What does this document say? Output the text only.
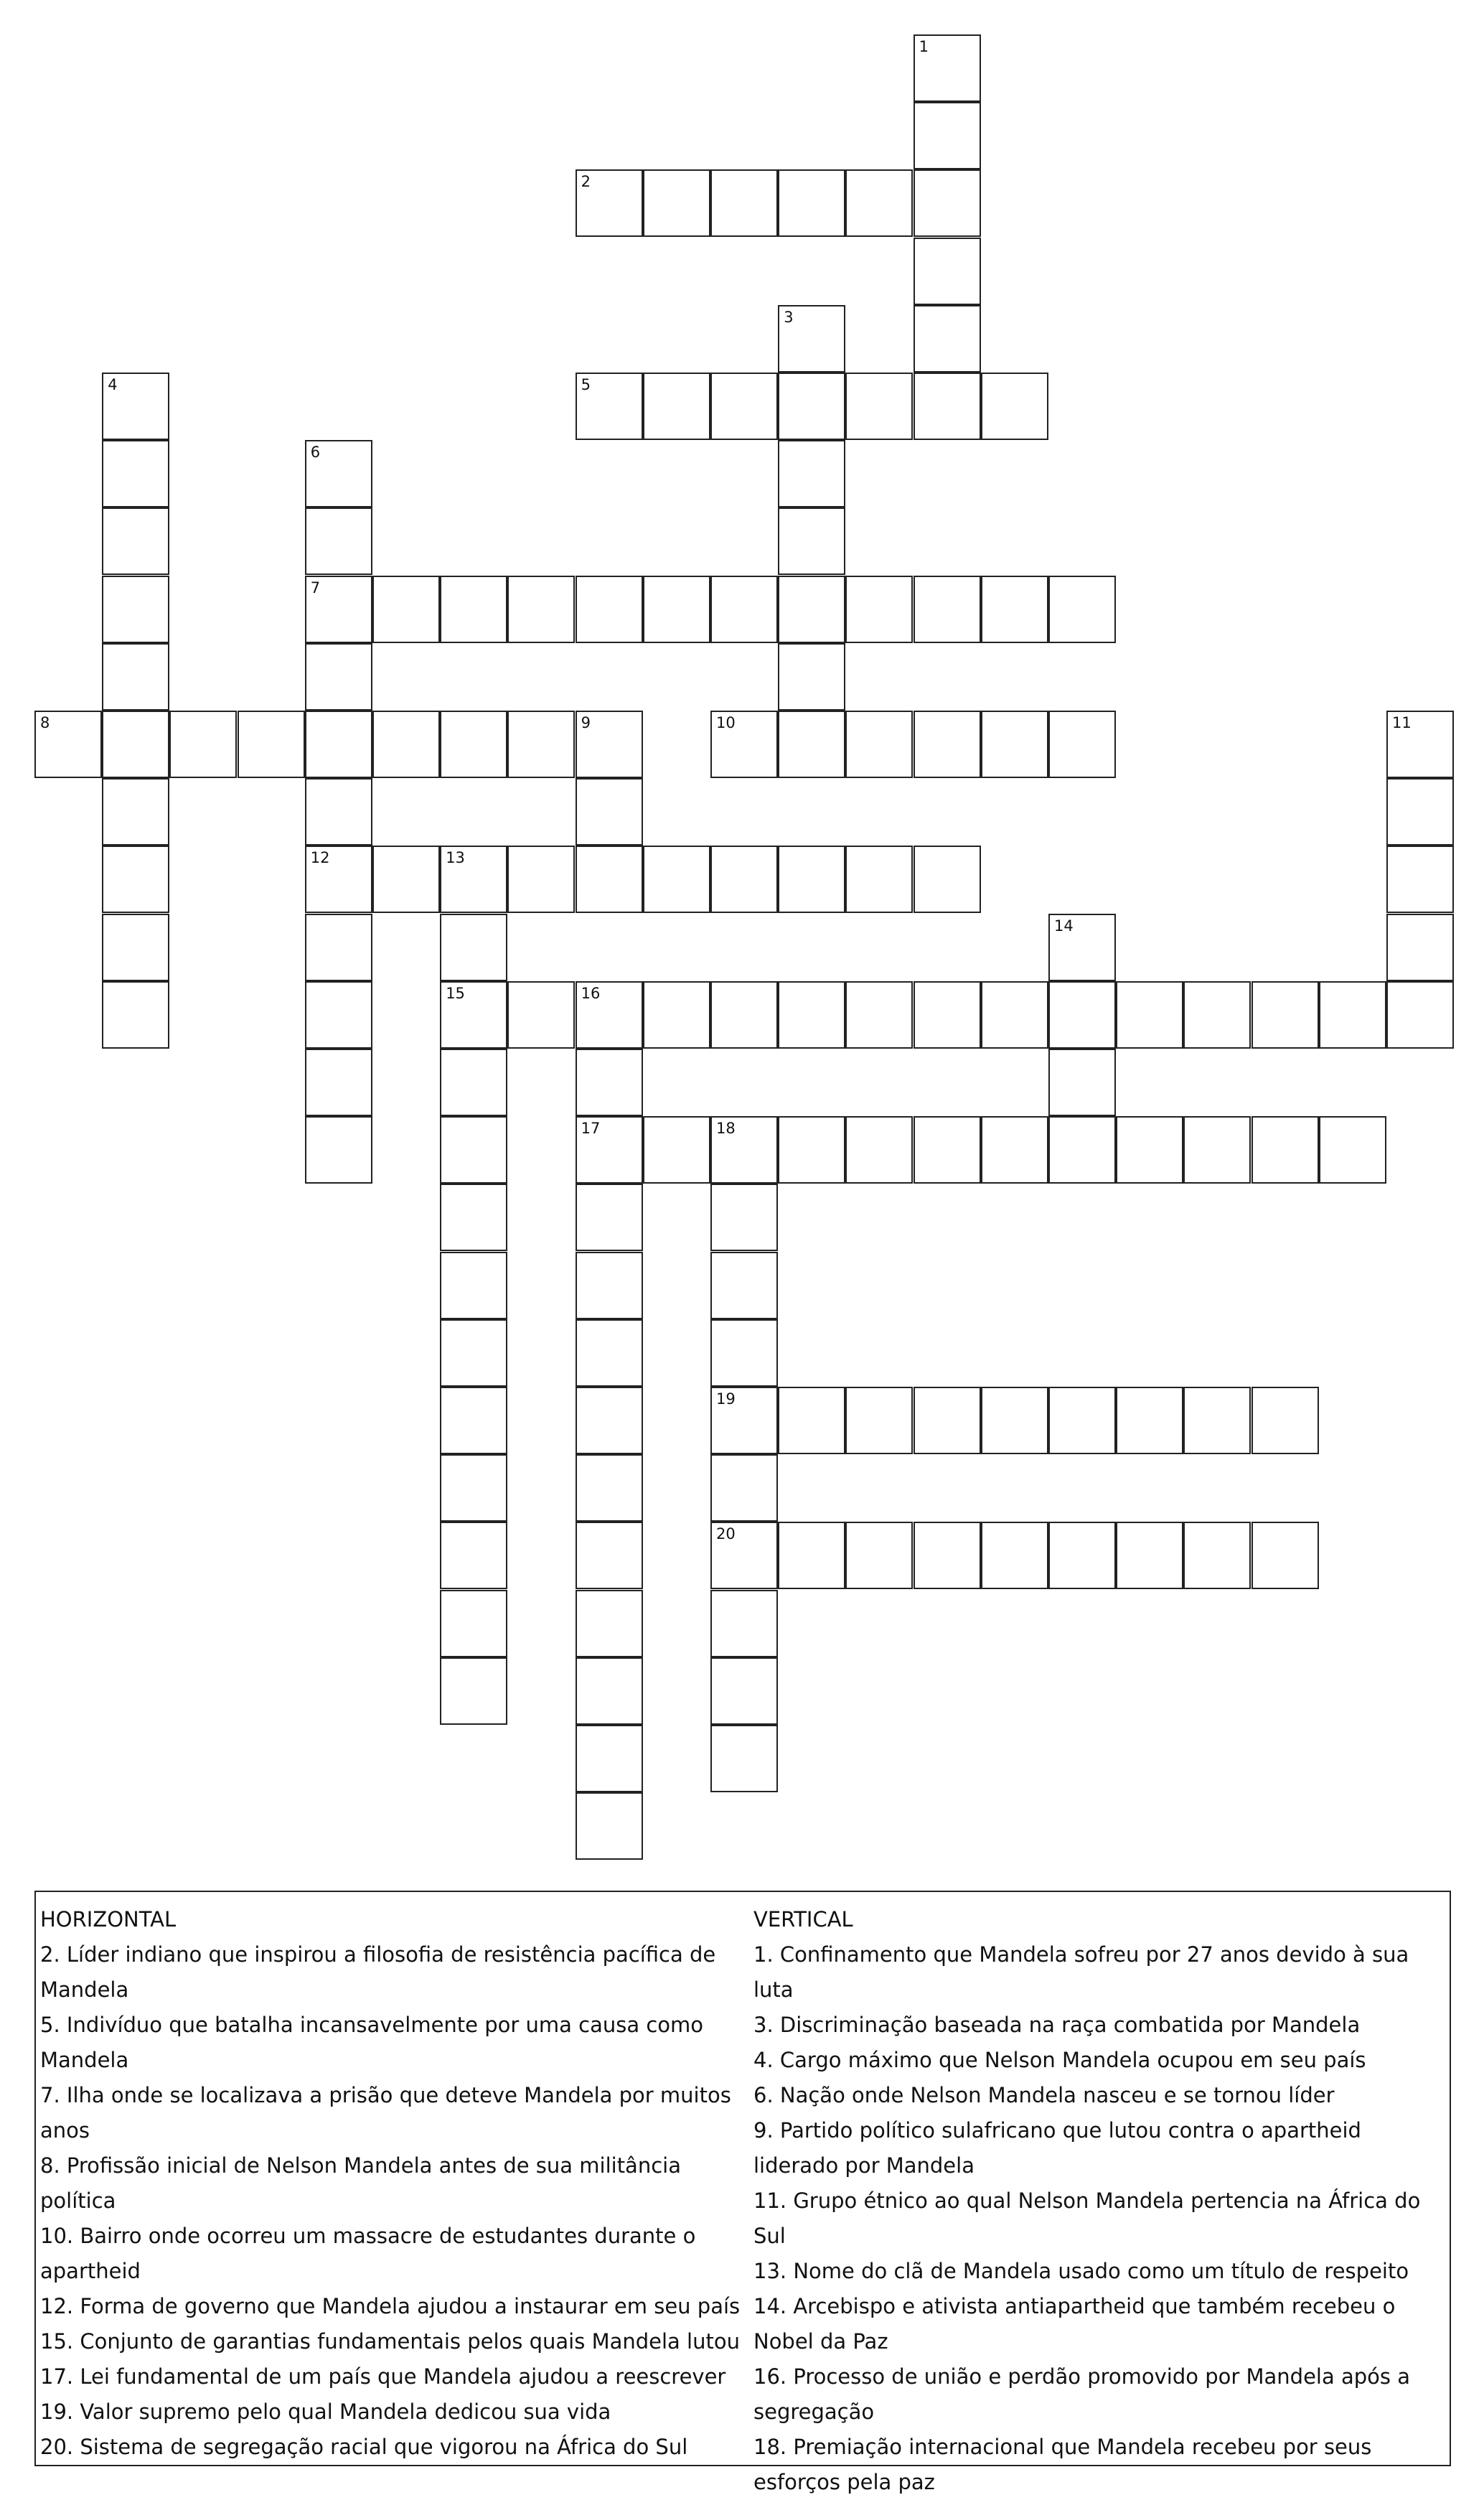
1
2
3
4	5
6
7
12
8	9	10	11
13
15
14
16
17	18
19
20
HORIZONTAL
2. Líder indiano que inspirou a filosofia de resistência pacífica de Mandela
5. Indivíduo que batalha incansavelmente por uma causa como Mandela
7. Ilha onde se localizava a prisão que deteve Mandela por muitos anos
8. Profissão inicial de Nelson Mandela antes de sua militância política
10. Bairro onde ocorreu um massacre de estudantes durante o apartheid
12. Forma de governo que Mandela ajudou a instaurar em seu país
15. Conjunto de garantias fundamentais pelos quais Mandela lutou
17. Lei fundamental de um país que Mandela ajudou a reescrever
19. Valor supremo pelo qual Mandela dedicou sua vida
20. Sistema de segregação racial que vigorou na África do Sul
VERTICAL
1. Confinamento que Mandela sofreu por 27 anos devido à sua luta
3. Discriminação baseada na raça combatida por Mandela
4. Cargo máximo que Nelson Mandela ocupou em seu país
6. Nação onde Nelson Mandela nasceu e se tornou líder
9. Partido político sulafricano que lutou contra o apartheid liderado por Mandela
11. Grupo étnico ao qual Nelson Mandela pertencia na África do Sul
13. Nome do clã de Mandela usado como um título de respeito
14. Arcebispo e ativista antiapartheid que também recebeu o Nobel da Paz
16. Processo de união e perdão promovido por Mandela após a segregação
18. Premiação internacional que Mandela recebeu por seus esforços pela paz
